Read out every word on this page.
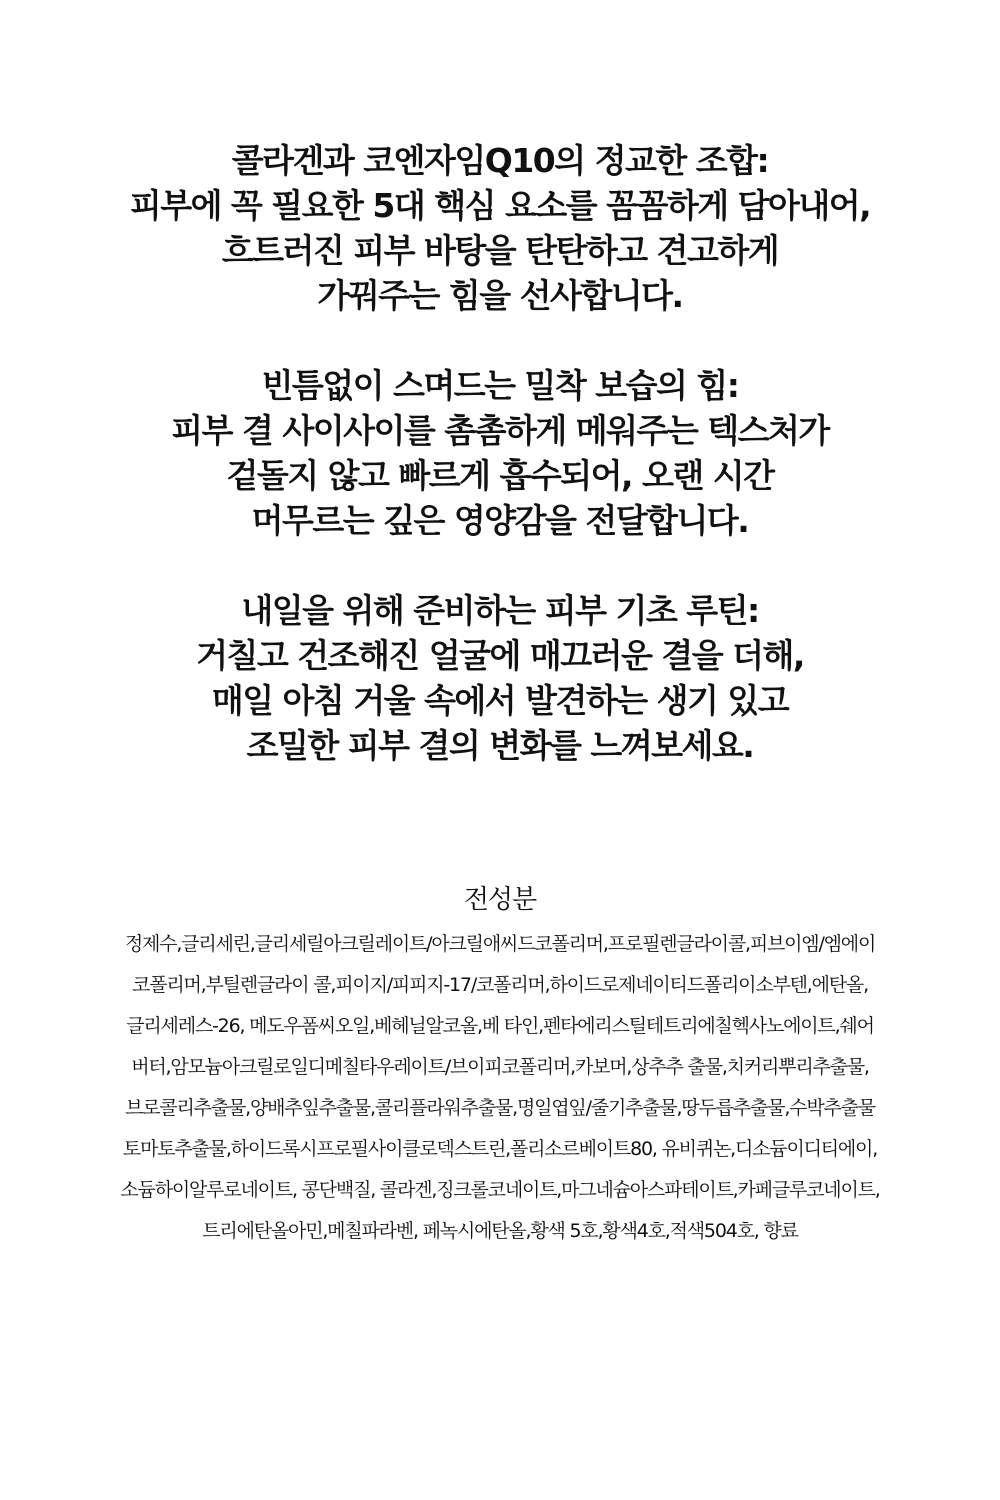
콜라겐과 코엔자임Q10의 정교한 조합:
피부에 꼭 필요한 5대 핵심 요소를 꼼꼼하게 담아내어,
흐트러진 피부 바탕을 탄탄하고 견고하게
가꿔주는 힘을 선사합니다.
빈틈없이 스며드는 밀착 보습의 힘:
피부 결 사이사이를 촘촘하게 메워주는 텍스처가
겉돌지 않고 빠르게 흡수되어, 오랜 시간
머무르는 깊은 영양감을 전달합니다.
내일을 위해 준비하는 피부 기초 루틴:
거칠고 건조해진 얼굴에 매끄러운 결을 더해,
매일 아침 거울 속에서 발견하는 생기 있고
조밀한 피부 결의 변화를 느껴보세요.
전성분
정제수,글리세린,글리세릴아크릴레이트/아크릴애씨드코폴리머,프로필렌글라이콜,피브이엠/엠에이
코폴리머,부틸렌글라이 콜,피이지/피피지-17/코폴리머,하이드로제네이티드폴리이소부텐,에탄올,
글리세레스-26, 메도우폼씨오일,베헤닐알코올,베 타인,펜타에리스틸테트리에칠헥사노에이트,쉐어
버터,암모늄아크릴로일디메칠타우레이트/브이피코폴리머,카보머,상추추 출물,치커리뿌리추출물,
브로콜리추출물,양배추잎추출물,콜리플라워추출물,명일엽잎/줄기추출물,땅두릅추출물,수박추출물
토마토추출물,하이드록시프로필사이클로덱스트린,폴리소르베이트80, 유비퀴논,디소듐이디티에이,
소듐하이알루로네이트, 콩단백질, 콜라겐,징크롤코네이트,마그네슘아스파테이트,카페글루코네이트,
트리에탄올아민,메칠파라벤, 페녹시에탄올,황색 5호,황색4호,적색504호, 향료
